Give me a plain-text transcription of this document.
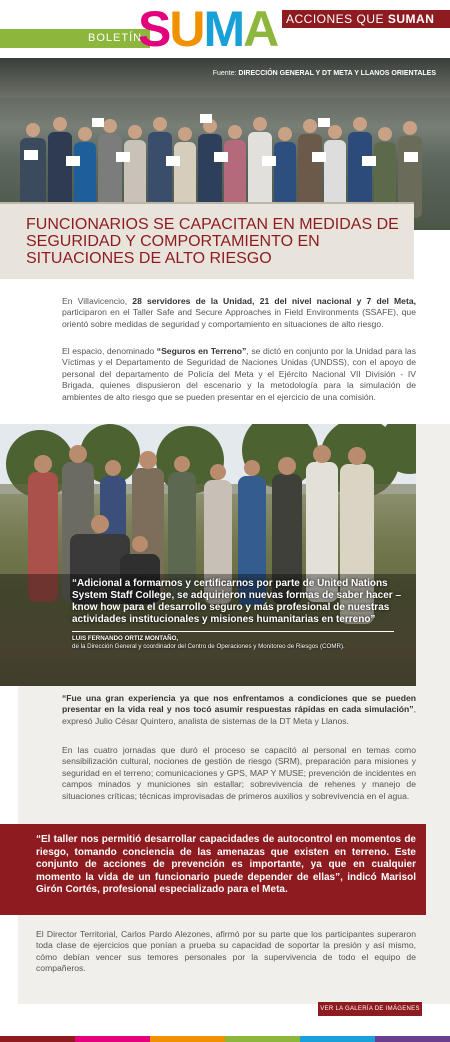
ACCIONES QUE SUMAN
BOLETÍN
SUMA
Fuente: DIRECCIÓN GENERAL Y DT META Y LLANOS ORIENTALES
FUNCIONARIOS SE CAPACITAN EN MEDIDAS DE SEGURIDAD Y COMPORTAMIENTO EN SITUACIONES DE ALTO RIESGO

En Villavicencio, 28 servidores de la Unidad, 21 del nivel nacional y 7 del Meta, participaron en el Taller Safe and Secure Approaches in Field Environments (SSAFE), que orientó sobre medidas de seguridad y comportamiento en situaciones de alto riesgo.

El espacio, denominado “Seguros en Terreno”, se dictó en conjunto por la Unidad para las Víctimas y el Departamento de Seguridad de Naciones Unidas (UNDSS), con el apoyo de personal del departamento de Policía del Meta y el Ejército Nacional VII División - IV Brigada, quienes dispusieron del escenario y la metodología para la simulación de ambientes de alto riesgo que se pueden presentar en el ejercicio de una comisión.

“Adicional a formarnos y certificarnos por parte de United Nations System Staff College, se adquirieron nuevas formas de saber hacer – know how para el desarrollo seguro y más profesional de nuestras actividades institucionales y misiones humanitarias en terreno”

LUIS FERNANDO ORTIZ MONTAÑO,
de la Dirección General y coordinador del Centro de Operaciones y Monitoreo de Riesgos (COMR).

“Fue una gran experiencia ya que nos enfrentamos a condiciones que se pueden presentar en la vida real y nos tocó asumir respuestas rápidas en cada simulación”, expresó Julio César Quintero, analista de sistemas de la DT Meta y Llanos.

En las cuatro jornadas que duró el proceso se capacitó al personal en temas como sensibilización cultural, nociones de gestión de riesgo (SRM), preparación para misiones y seguridad en el terreno; comunicaciones y GPS, MAP Y MUSE; prevención de incidentes en campos minados y municiones sin estallar; sobrevivencia de rehenes y manejo de situaciones críticas; técnicas improvisadas de primeros auxilios y sobrevivencia en el agua.

“El taller nos permitió desarrollar capacidades de autocontrol en momentos de riesgo, tomando conciencia de las amenazas que existen en terreno. Este conjunto de acciones de prevención es importante, ya que en cualquier momento la vida de un funcionario puede depender de ellas”, indicó Marisol Girón Cortés, profesional especializado para el Meta.

El Director Territorial, Carlos Pardo Alezones, afirmó por su parte que los participantes superaron toda clase de ejercicios que ponían a prueba su capacidad de soportar la presión y así mismo, cómo debían vencer sus temores personales por la supervivencia de todo el equipo de compañeros.

VER LA GALERÍA DE IMÁGENES
